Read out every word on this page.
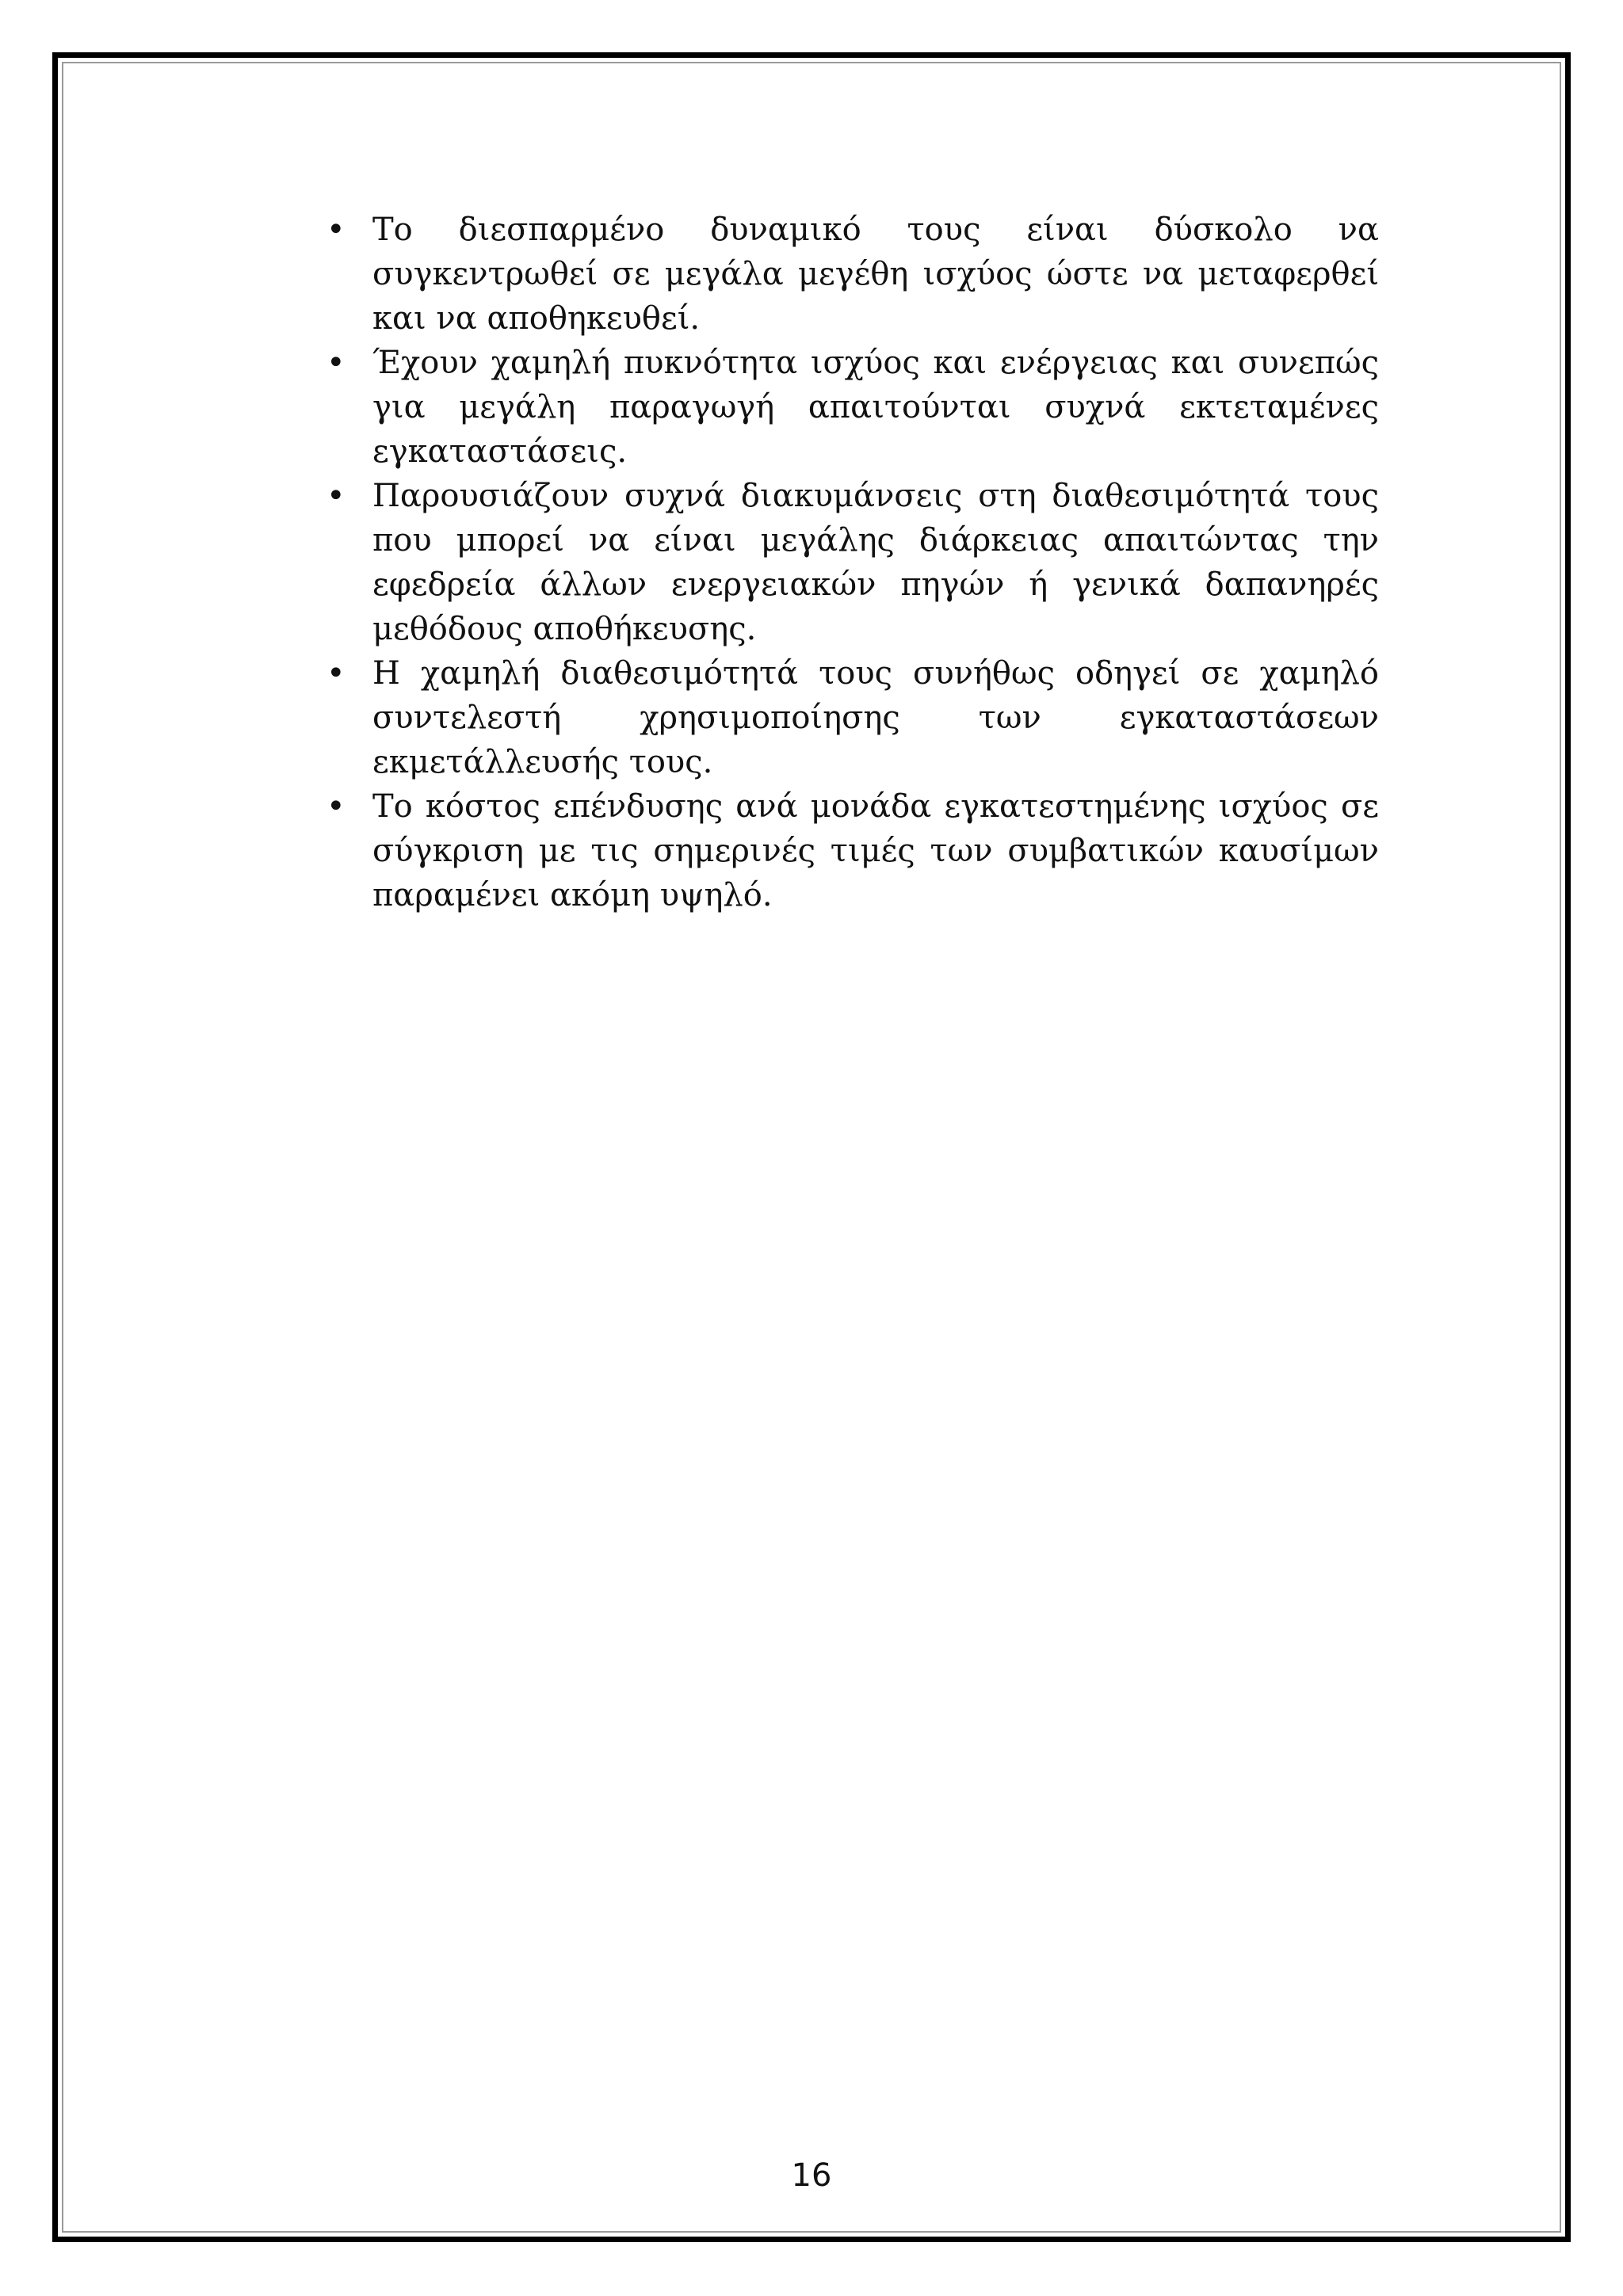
• Το διεσπαρμένο δυναμικό τους είναι δύσκολο να συγκεντρωθεί σε μεγάλα μεγέθη ισχύος ώστε να μεταφερθεί και να αποθηκευθεί.
• Έχουν χαμηλή πυκνότητα ισχύος και ενέργειας και συνεπώς για μεγάλη παραγωγή απαιτούνται συχνά εκτεταμένες εγκαταστάσεις.
• Παρουσιάζουν συχνά διακυμάνσεις στη διαθεσιμότητά τους που μπορεί να είναι μεγάλης διάρκειας απαιτώντας την εφεδρεία άλλων ενεργειακών πηγών ή γενικά δαπανηρές μεθόδους αποθήκευσης.
• Η χαμηλή διαθεσιμότητά τους συνήθως οδηγεί σε χαμηλό συντελεστή χρησιμοποίησης των εγκαταστάσεων εκμετάλλευσής τους.
• Το κόστος επένδυσης ανά μονάδα εγκατεστημένης ισχύος σε σύγκριση με τις σημερινές τιμές των συμβατικών καυσίμων παραμένει ακόμη υψηλό.
16
